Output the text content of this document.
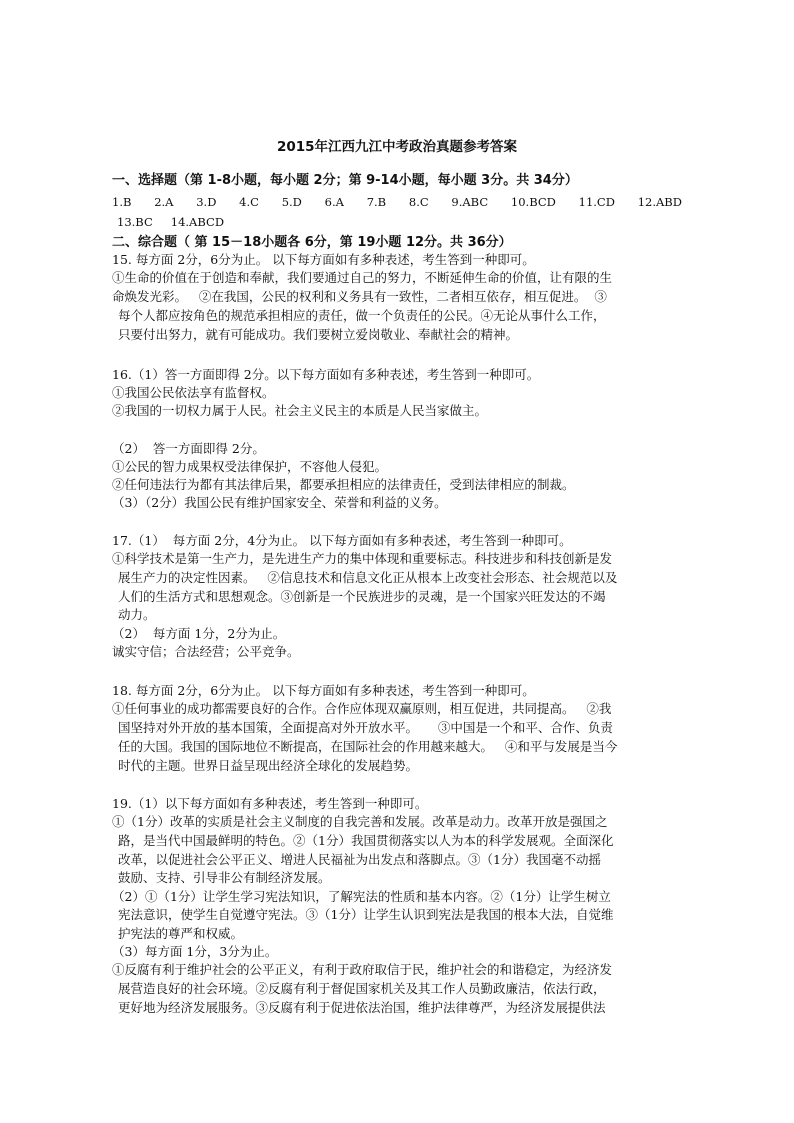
2015年江西九江中考政治真题参考答案
一、选择题（第 1-8小题，每小题 2分；第 9-14小题，每小题 3分。共 34分）
1.B 2.A 3.D 4.C 5.D 6.A 7.B 8.C 9.ABC 10.BCD 11.CD 12.ABD
13.BC 14.ABCD
二、综合题（ 第 15－18小题各 6分，第 19小题 12分。共 36分）
15. 每方面 2分，6分为止。 以下每方面如有多种表述，考生答到一种即可。
①生命的价值在于创造和奉献，我们要通过自己的努力，不断延伸生命的价值，让有限的生
命焕发光彩。   ②在我国，公民的权利和义务具有一致性，二者相互依存，相互促进。  ③
每个人都应按角色的规范承担相应的责任，做一个负责任的公民。④无论从事什么工作，
只要付出努力，就有可能成功。我们要树立爱岗敬业、奉献社会的精神。
16.（1）答一方面即得 2分。以下每方面如有多种表述，考生答到一种即可。
①我国公民依法享有监督权。
②我国的一切权力属于人民。社会主义民主的本质是人民当家做主。
（2）  答一方面即得 2分。
①公民的智力成果权受法律保护，不容他人侵犯。
②任何违法行为都有其法律后果，都要承担相应的法律责任，受到法律相应的制裁。
（3）（2分）我国公民有维护国家安全、荣誉和利益的义务。
17.（1）  每方面 2分，4分为止。 以下每方面如有多种表述，考生答到一种即可。
①科学技术是第一生产力，是先进生产力的集中体现和重要标志。科技进步和科技创新是发
展生产力的决定性因素。   ②信息技术和信息文化正从根本上改变社会形态、社会规范以及
人们的生活方式和思想观念。③创新是一个民族进步的灵魂，是一个国家兴旺发达的不竭
动力。
（2）  每方面 1分，2分为止。
诚实守信；合法经营；公平竞争。
18. 每方面 2分，6分为止。 以下每方面如有多种表述，考生答到一种即可。
①任何事业的成功都需要良好的合作。合作应体现双赢原则，相互促进，共同提高。   ②我
国坚持对外开放的基本国策，全面提高对外开放水平。     ③中国是一个和平、合作、负责
任的大国。我国的国际地位不断提高，在国际社会的作用越来越大。   ④和平与发展是当今
时代的主题。世界日益呈现出经济全球化的发展趋势。
19.（1）以下每方面如有多种表述，考生答到一种即可。
①（1分）改革的实质是社会主义制度的自我完善和发展。改革是动力。改革开放是强国之
路，是当代中国最鲜明的特色。②（1分）我国贯彻落实以人为本的科学发展观。全面深化
改革，以促进社会公平正义、增进人民福祉为出发点和落脚点。③（1分）我国毫不动摇
鼓励、支持、引导非公有制经济发展。
（2）①（1分）让学生学习宪法知识，了解宪法的性质和基本内容。②（1分）让学生树立
宪法意识，使学生自觉遵守宪法。③（1分）让学生认识到宪法是我国的根本大法，自觉维
护宪法的尊严和权威。
（3）每方面 1分，3分为止。
①反腐有利于维护社会的公平正义，有利于政府取信于民，维护社会的和谐稳定，为经济发
展营造良好的社会环境。②反腐有利于督促国家机关及其工作人员勤政廉洁，依法行政，
更好地为经济发展服务。③反腐有利于促进依法治国，维护法律尊严，为经济发展提供法
